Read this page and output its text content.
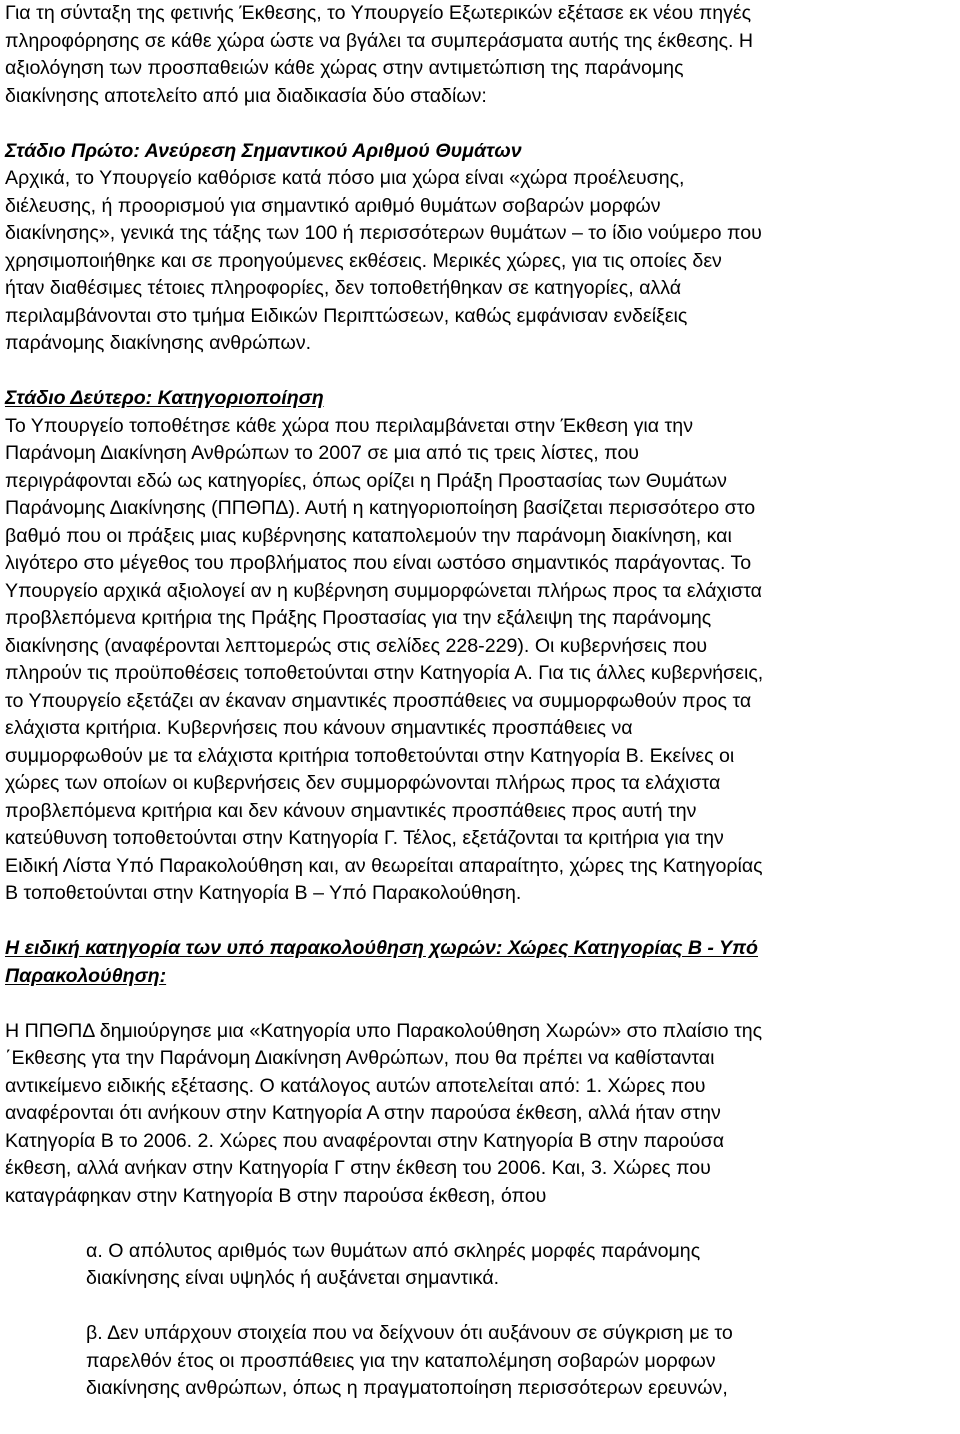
Για τη σύνταξη της φετινής Έκθεσης, το Υπουργείο Εξωτερικών εξέτασε εκ νέου πηγές
πληροφόρησης σε κάθε χώρα ώστε να βγάλει τα συμπεράσματα αυτής της έκθεσης. Η
αξιολόγηση των προσπαθειών κάθε χώρας στην αντιμετώπιση της παράνομης
διακίνησης αποτελείτο από μια διαδικασία δύο σταδίων:
Στάδιο Πρώτο: Ανεύρεση Σημαντικού Αριθμού Θυμάτων
Αρχικά, το Υπουργείο καθόρισε κατά πόσο μια χώρα είναι «χώρα προέλευσης,
διέλευσης, ή προορισμού για σημαντικό αριθμό θυμάτων σοβαρών μορφών
διακίνησης», γενικά της τάξης των 100 ή περισσότερων θυμάτων – το ίδιο νούμερο που
χρησιμοποιήθηκε και σε προηγούμενες εκθέσεις. Μερικές χώρες, για τις οποίες δεν
ήταν διαθέσιμες τέτοιες πληροφορίες, δεν τοποθετήθηκαν σε κατηγορίες, αλλά
περιλαμβάνονται στο τμήμα Ειδικών Περιπτώσεων, καθώς εμφάνισαν ενδείξεις
παράνομης διακίνησης ανθρώπων.
Στάδιο Δεύτερο: Κατηγοριοποίηση
Το Υπουργείο τοποθέτησε κάθε χώρα που περιλαμβάνεται στην Έκθεση για την
Παράνομη Διακίνηση Ανθρώπων το 2007 σε μια από τις τρεις λίστες, που
περιγράφονται εδώ ως κατηγορίες, όπως ορίζει η Πράξη Προστασίας των Θυμάτων
Παράνομης Διακίνησης (ΠΠΘΠΔ). Αυτή η κατηγοριοποίηση βασίζεται περισσότερο στο
βαθμό που οι πράξεις μιας κυβέρνησης καταπολεμούν την παράνομη διακίνηση, και
λιγότερο στο μέγεθος του προβλήματος που είναι ωστόσο σημαντικός παράγοντας. Το
Υπουργείο αρχικά αξιολογεί αν η κυβέρνηση συμμορφώνεται πλήρως προς τα ελάχιστα
προβλεπόμενα κριτήρια της Πράξης Προστασίας για την εξάλειψη της παράνομης
διακίνησης (αναφέρονται λεπτομερώς στις σελίδες 228-229). Οι κυβερνήσεις που
πληρούν τις προϋποθέσεις τοποθετούνται στην Κατηγορία Α. Για τις άλλες κυβερνήσεις,
το Υπουργείο εξετάζει αν έκαναν σημαντικές προσπάθειες να συμμορφωθούν προς τα
ελάχιστα κριτήρια. Κυβερνήσεις που κάνουν σημαντικές προσπάθειες να
συμμορφωθούν με τα ελάχιστα κριτήρια τοποθετούνται στην Κατηγορία Β. Εκείνες οι
χώρες των οποίων οι κυβερνήσεις δεν συμμορφώνονται πλήρως προς τα ελάχιστα
προβλεπόμενα κριτήρια και δεν κάνουν σημαντικές προσπάθειες προς αυτή την
κατεύθυνση τοποθετούνται στην Κατηγορία Γ. Τέλος, εξετάζονται τα κριτήρια για την
Ειδική Λίστα Υπό Παρακολούθηση και, αν θεωρείται απαραίτητο, χώρες της Κατηγορίας
Β τοποθετούνται στην Κατηγορία Β – Υπό Παρακολούθηση.
Η ειδική κατηγορία των υπό παρακολούθηση χωρών: Χώρες Κατηγορίας Β - Υπό
Παρακολούθηση:
Η ΠΠΘΠΔ δημιούργησε μια «Κατηγορία υπο Παρακολούθηση Χωρών» στο πλαίσιο της
΄Εκθεσης γτα την Παράνομη Διακίνηση Ανθρώπων, που θα πρέπει να καθίστανται
αντικείμενο ειδικής εξέτασης. Ο κατάλογος αυτών αποτελείται από: 1. Χώρες που
αναφέρονται ότι ανήκουν στην Κατηγορία Α στην παρούσα έκθεση, αλλά ήταν στην
Κατηγορία Β το 2006. 2. Χώρες που αναφέρονται στην Κατηγορία Β στην παρούσα
έκθεση, αλλά ανήκαν στην Κατηγορία Γ στην έκθεση του 2006. Και, 3. Χώρες που
καταγράφηκαν στην Κατηγορία Β στην παρούσα έκθεση, όπου
α. Ο απόλυτος αριθμός των θυμάτων από σκληρές μορφές παράνομης
διακίνησης είναι υψηλός ή αυξάνεται σημαντικά.
β. Δεν υπάρχουν στοιχεία που να δείχνουν ότι αυξάνουν σε σύγκριση με το
παρελθόν έτος οι προσπάθειες για την καταπολέμηση σοβαρών μορφων
διακίνησης ανθρώπων, όπως η πραγματοποίηση περισσότερων ερευνών,
